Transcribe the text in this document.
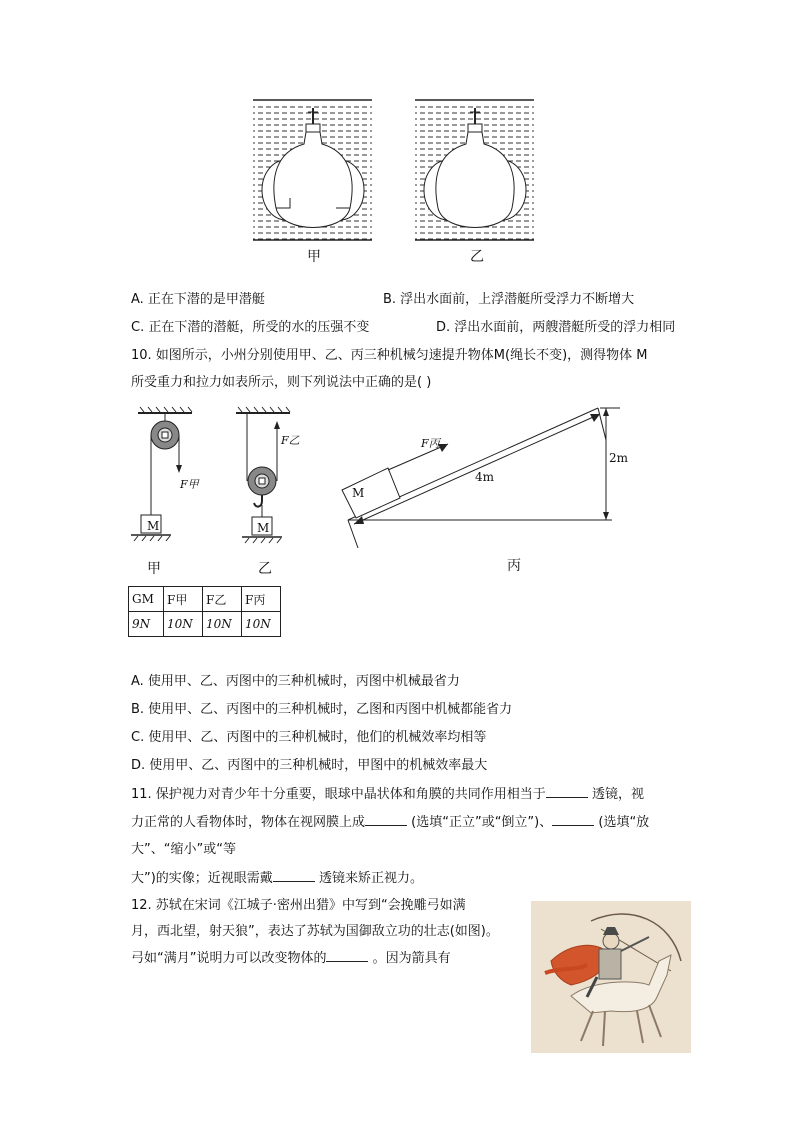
甲	乙
A. 正在下潜的是甲潜艇	B. 浮出水面前，上浮潜艇所受浮力不断增大
C. 正在下潜的潜艇，所受的水的压强不变	D. 浮出水面前，两艘潜艇所受的浮力相同
10. 如图所示，小州分别使用甲、乙、丙三种机械匀速提升物体M(绳长不变)，测得物体 M
所受重力和拉力如表所示，则下列说法中正确的是( )
M
F甲
甲
M
F乙
乙
M
F丙
4m
2m
丙
GM	F甲	F乙	F丙
9N	10N	10N	10N
A. 使用甲、乙、丙图中的三种机械时，丙图中机械最省力
B. 使用甲、乙、丙图中的三种机械时，乙图和丙图中机械都能省力
C. 使用甲、乙、丙图中的三种机械时，他们的机械效率均相等
D. 使用甲、乙、丙图中的三种机械时，甲图中的机械效率最大
11. 保护视力对青少年十分重要，眼球中晶状体和角膜的共同作用相当于	透镜，视
力正常的人看物体时，物体在视网膜上成	(选填“正立”或“倒立”)、	(选填“放
大”、“缩小”或“等
大”)的实像；近视眼需戴	透镜来矫正视力。
12. 苏轼在宋词《江城子·密州出猎》中写到“会挽雕弓如满
月，西北望，射天狼”，表达了苏轼为国御敌立功的壮志(如图)。
弓如“满月”说明力可以改变物体的	。因为箭具有
